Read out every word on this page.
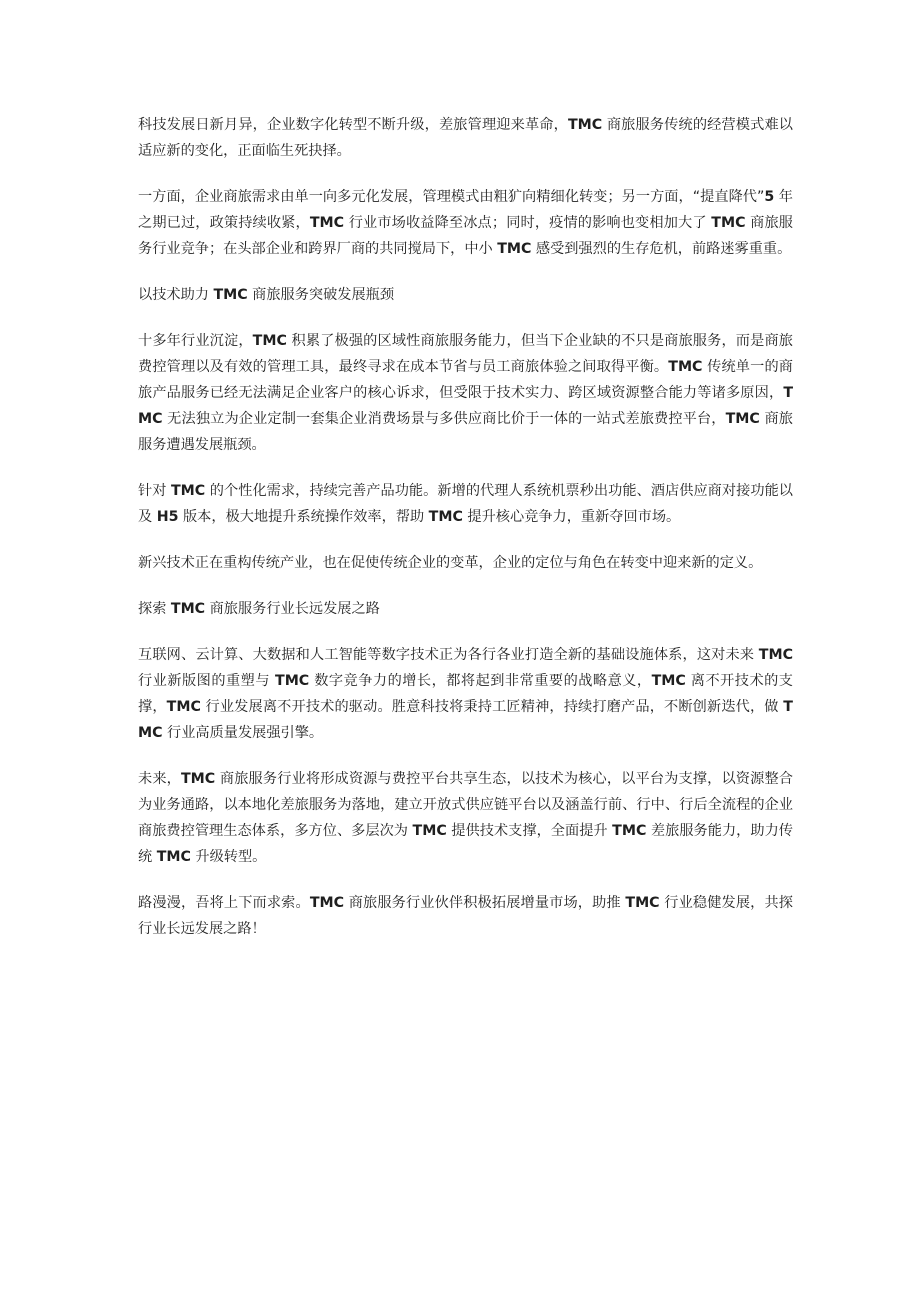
科技发展日新月异，企业数字化转型不断升级，差旅管理迎来革命，TMC 商旅服务传统的经营模式难以适应新的变化，正面临生死抉择。

一方面，企业商旅需求由单一向多元化发展，管理模式由粗犷向精细化转变；另一方面，“提直降代”5 年之期已过，政策持续收紧，TMC 行业市场收益降至冰点；同时，疫情的影响也变相加大了 TMC 商旅服务行业竞争；在头部企业和跨界厂商的共同搅局下，中小 TMC 感受到强烈的生存危机，前路迷雾重重。

以技术助力 TMC 商旅服务突破发展瓶颈

十多年行业沉淀，TMC 积累了极强的区域性商旅服务能力，但当下企业缺的不只是商旅服务，而是商旅费控管理以及有效的管理工具，最终寻求在成本节省与员工商旅体验之间取得平衡。TMC 传统单一的商旅产品服务已经无法满足企业客户的核心诉求，但受限于技术实力、跨区域资源整合能力等诸多原因，TMC 无法独立为企业定制一套集企业消费场景与多供应商比价于一体的一站式差旅费控平台，TMC 商旅服务遭遇发展瓶颈。

针对 TMC 的个性化需求，持续完善产品功能。新增的代理人系统机票秒出功能、酒店供应商对接功能以及 H5 版本，极大地提升系统操作效率，帮助 TMC 提升核心竞争力，重新夺回市场。

新兴技术正在重构传统产业，也在促使传统企业的变革，企业的定位与角色在转变中迎来新的定义。

探索 TMC 商旅服务行业长远发展之路

互联网、云计算、大数据和人工智能等数字技术正为各行各业打造全新的基础设施体系，这对未来 TMC 行业新版图的重塑与 TMC 数字竞争力的增长，都将起到非常重要的战略意义，TMC 离不开技术的支撑，TMC 行业发展离不开技术的驱动。胜意科技将秉持工匠精神，持续打磨产品，不断创新迭代，做 TMC 行业高质量发展强引擎。

未来，TMC 商旅服务行业将形成资源与费控平台共享生态，以技术为核心，以平台为支撑，以资源整合为业务通路，以本地化差旅服务为落地，建立开放式供应链平台以及涵盖行前、行中、行后全流程的企业商旅费控管理生态体系，多方位、多层次为 TMC 提供技术支撑，全面提升 TMC 差旅服务能力，助力传统 TMC 升级转型。

路漫漫，吾将上下而求索。TMC 商旅服务行业伙伴积极拓展增量市场，助推 TMC 行业稳健发展，共探行业长远发展之路！
